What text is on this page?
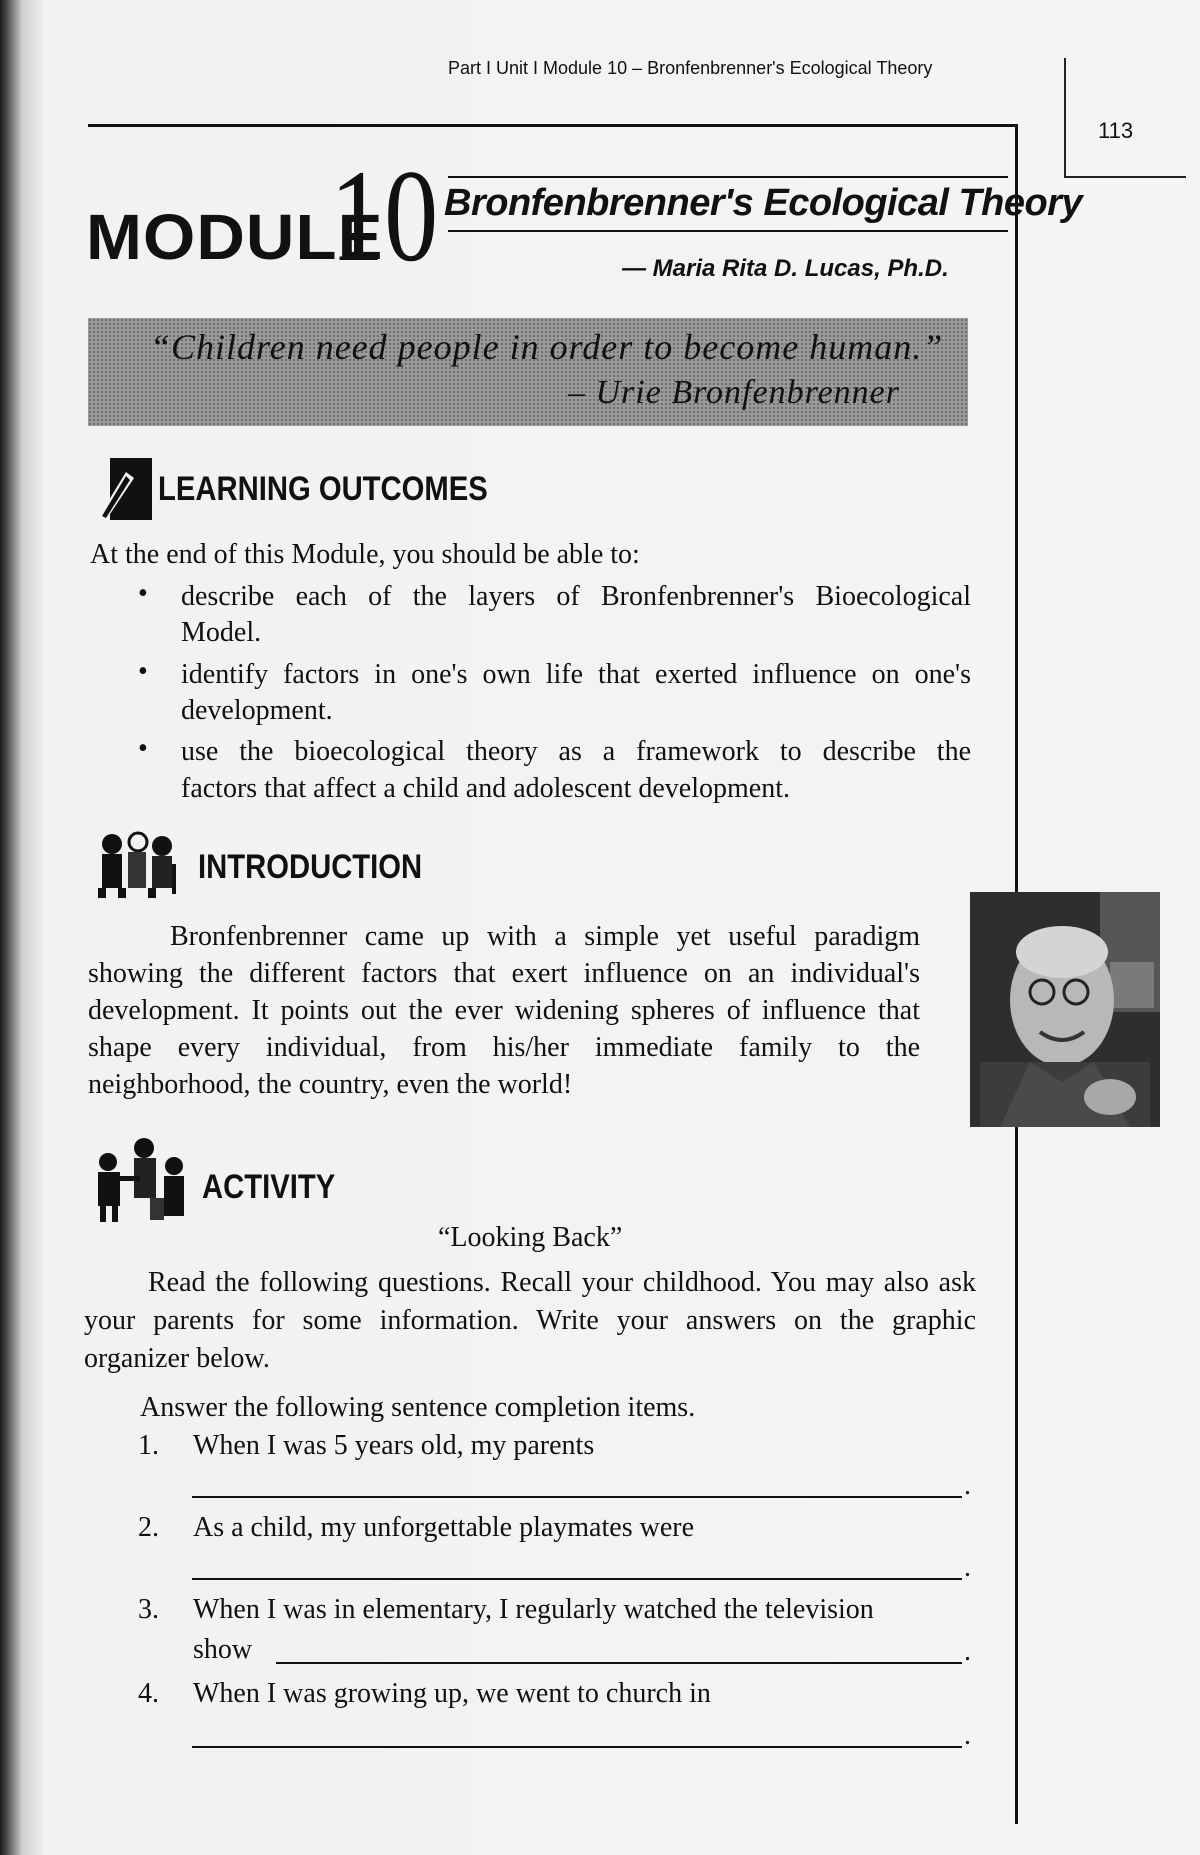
Part I Unit I Module 10 – Bronfenbrenner's Ecological Theory
113
MODULE
10 Bronfenbrenner's Ecological Theory
— Maria Rita D. Lucas, Ph.D.
“Children need people in order to become human.”
– Urie Bronfenbrenner
LEARNING OUTCOMES
At the end of this Module, you should be able to:
• describe each of the layers of Bronfenbrenner's Bioecological
Model.
• identify factors in one's own life that exerted influence on one's
development.
• use the bioecological theory as a framework to describe the
factors that affect a child and adolescent development.
INTRODUCTION
Bronfenbrenner came up with a simple yet useful paradigm showing the different factors that exert influence on an individual's development. It points out the ever widening spheres of influence that shape every individual, from his/her immediate family to the neighborhood, the country, even the world!
ACTIVITY
“Looking Back”
Read the following questions. Recall your childhood. You may also ask your parents for some information. Write your answers on the graphic organizer below.
Answer the following sentence completion items.
1. When I was 5 years old, my parents
.
2. As a child, my unforgettable playmates were
.
3. When I was in elementary, I regularly watched the television
show	.
4. When I was growing up, we went to church in
.
